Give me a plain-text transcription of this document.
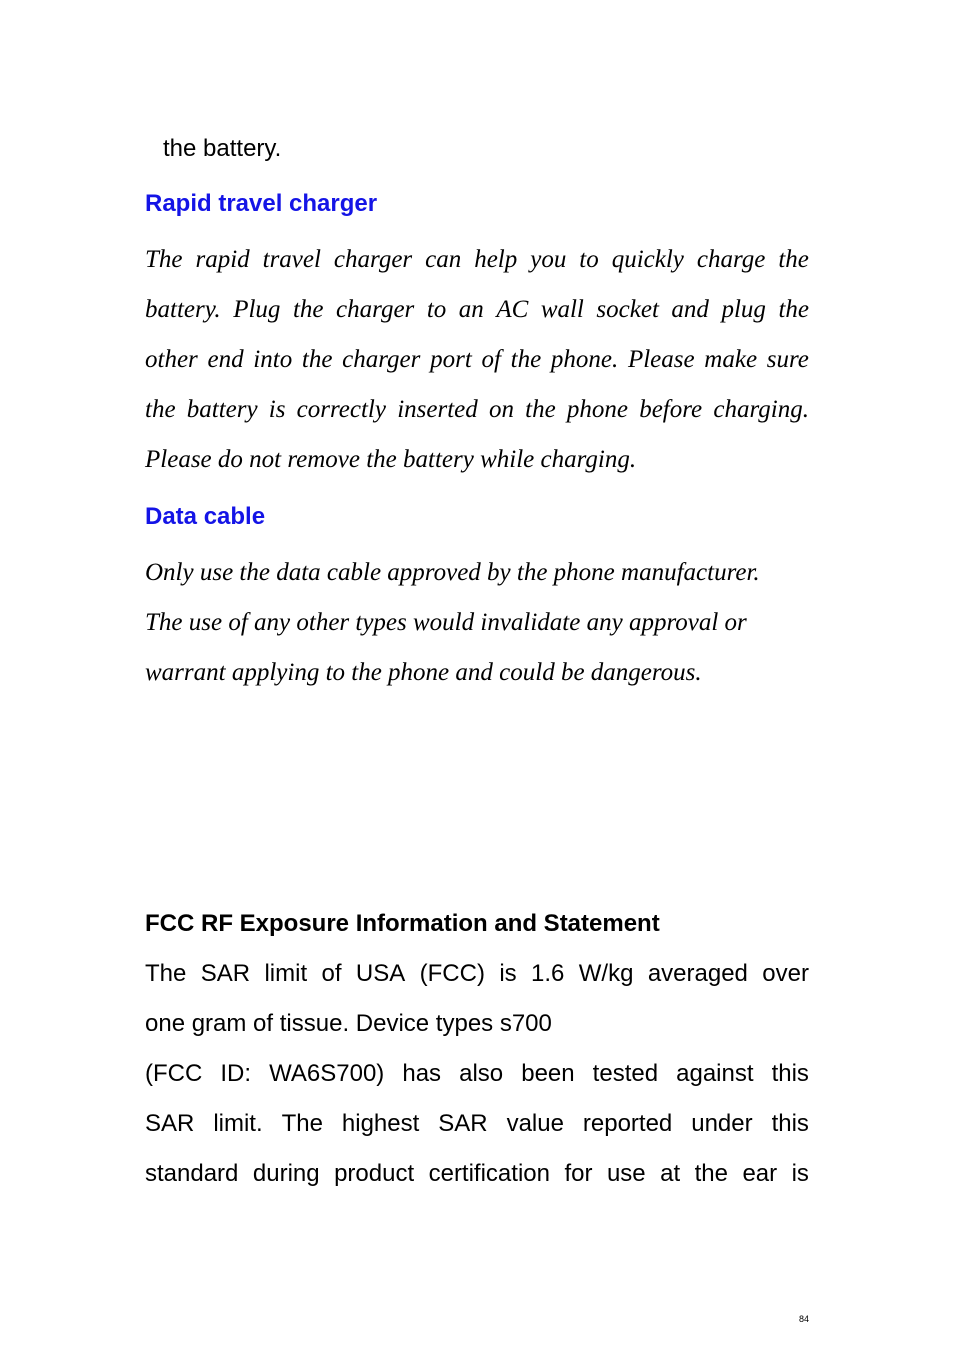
the battery.
Rapid travel charger
The rapid travel charger can help you to quickly charge the
battery. Plug the charger to an AC wall socket and plug the
other end into the charger port of the phone. Please make sure
the battery is correctly inserted on the phone before charging.
Please do not remove the battery while charging.
Data cable
Only use the data cable approved by the phone manufacturer.
The use of any other types would invalidate any approval or
warrant applying to the phone and could be dangerous.
FCC RF Exposure Information and Statement
The SAR limit of USA (FCC) is 1.6 W/kg averaged over
one gram of tissue. Device types s700
(FCC ID: WA6S700) has also been tested against this
SAR limit. The highest SAR value reported under this
standard during product certification for use at the ear is
84
